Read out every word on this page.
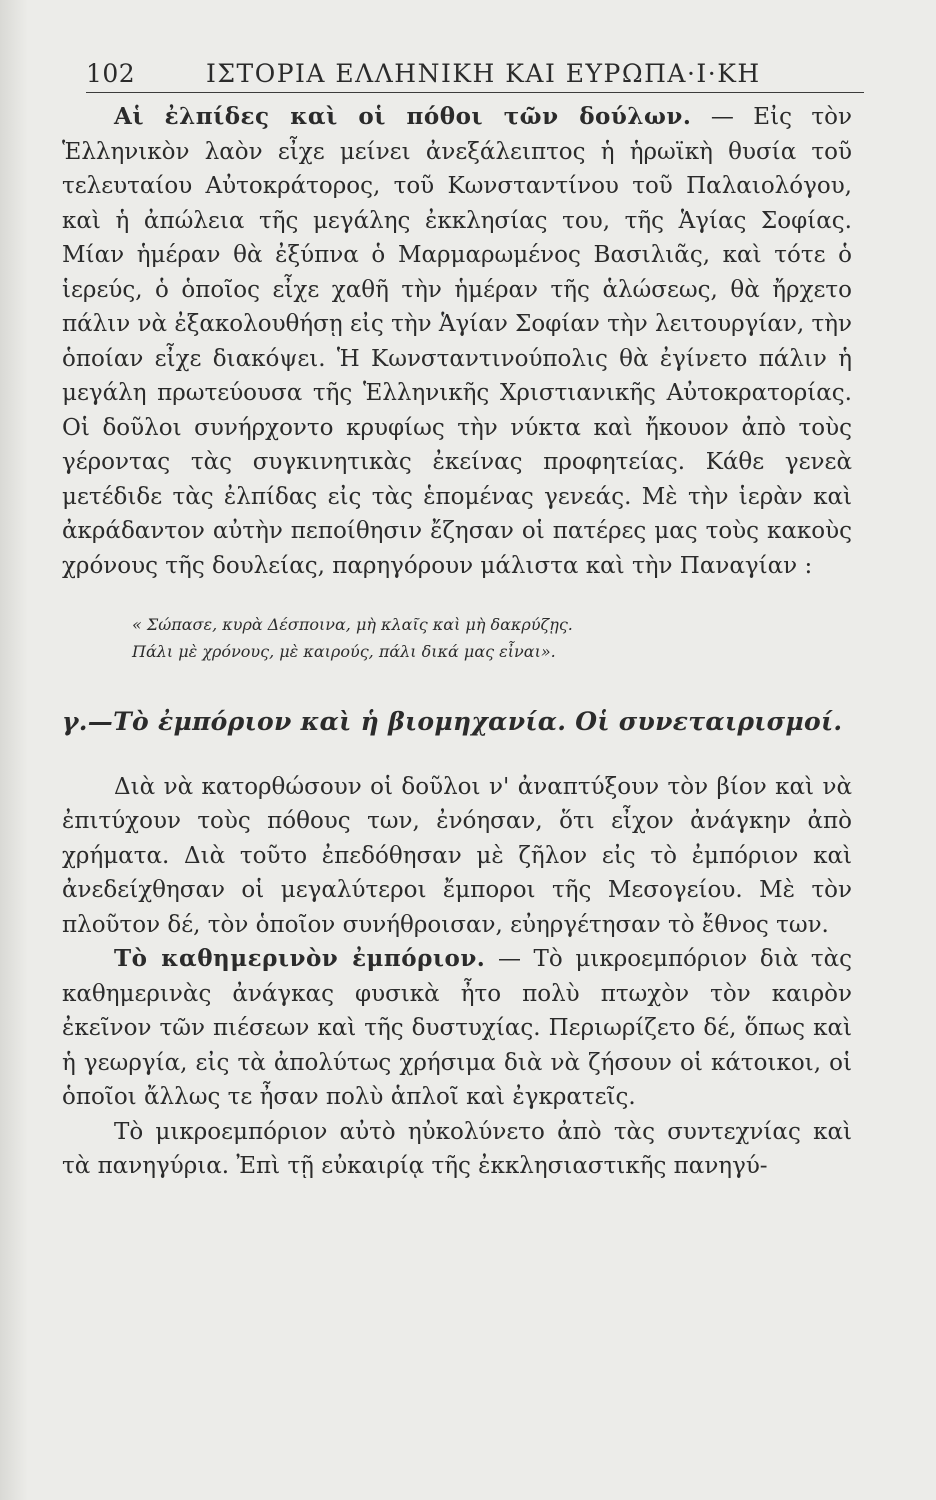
102	ΙΣΤΟΡΙΑ ΕΛΛΗΝΙΚΗ ΚΑΙ ΕΥΡΩΠΑ·Ι·ΚΗ

Αἱ ἐλπίδες καὶ οἱ πόθοι τῶν δούλων. — Εἰς τὸν Ἑλληνικὸν λαὸν εἶχε μείνει ἀνεξάλειπτος ἡ ἡρωϊκὴ θυσία τοῦ τελευταίου Αὐτοκράτορος, τοῦ Κωνσταντίνου τοῦ Παλαιολόγου, καὶ ἡ ἀπώλεια τῆς μεγάλης ἐκκλησίας του, τῆς Ἁγίας Σοφίας. Μίαν ἡμέραν θὰ ἐξύπνα ὁ Μαρμαρωμένος Βασιλιᾶς, καὶ τότε ὁ ἱερεύς, ὁ ὁποῖος εἶχε χαθῆ τὴν ἡμέραν τῆς ἁλώσεως, θὰ ἤρχετο πάλιν νὰ ἐξακολουθήσῃ εἰς τὴν Ἁγίαν Σοφίαν τὴν λειτουργίαν, τὴν ὁποίαν εἶχε διακόψει. Ἡ Κωνσταντινούπολις θὰ ἐγίνετο πάλιν ἡ μεγάλη πρωτεύουσα τῆς Ἑλληνικῆς Χριστιανικῆς Αὐτοκρατορίας. Οἱ δοῦλοι συνήρχοντο κρυφίως τὴν νύκτα καὶ ἤκουον ἀπὸ τοὺς γέροντας τὰς συγκινητικὰς ἐκείνας προφητείας. Κάθε γενεὰ μετέδιδε τὰς ἐλπίδας εἰς τὰς ἑπομένας γενεάς. Μὲ τὴν ἱερὰν καὶ ἀκράδαντον αὐτὴν πεποίθησιν ἔζησαν οἱ πατέρες μας τοὺς κακοὺς χρόνους τῆς δουλείας, παρηγόρουν μάλιστα καὶ τὴν Παναγίαν :

« Σώπασε, κυρὰ Δέσποινα, μὴ κλαῖς καὶ μὴ δακρύζῃς.
Πάλι μὲ χρόνους, μὲ καιρούς, πάλι δικά μας εἶναι».
γ.—Τὸ ἐμπόριον καὶ ἡ βιομηχανία. Οἱ συνεταιρισμοί.

Διὰ νὰ κατορθώσουν οἱ δοῦλοι ν' ἀναπτύξουν τὸν βίον καὶ νὰ ἐπιτύχουν τοὺς πόθους των, ἐνόησαν, ὅτι εἶχον ἀνάγκην ἀπὸ χρήματα. Διὰ τοῦτο ἐπεδόθησαν μὲ ζῆλον εἰς τὸ ἐμπόριον καὶ ἀνεδείχθησαν οἱ μεγαλύτεροι ἔμποροι τῆς Μεσογείου. Μὲ τὸν πλοῦτον δέ, τὸν ὁποῖον συνήθροισαν, εὐηργέτησαν τὸ ἔθνος των.

Τὸ καθημερινὸν ἐμπόριον. — Τὸ μικροεμπόριον διὰ τὰς καθημερινὰς ἀνάγκας φυσικὰ ἦτο πολὺ πτωχὸν τὸν καιρὸν ἐκεῖνον τῶν πιέσεων καὶ τῆς δυστυχίας. Περιωρίζετο δέ, ὅπως καὶ ἡ γεωργία, εἰς τὰ ἀπολύτως χρήσιμα διὰ νὰ ζήσουν οἱ κάτοικοι, οἱ ὁποῖοι ἄλλως τε ἦσαν πολὺ ἁπλοῖ καὶ ἐγκρατεῖς.

Τὸ μικροεμπόριον αὐτὸ ηὐκολύνετο ἀπὸ τὰς συντεχνίας καὶ τὰ πανηγύρια. Ἐπὶ τῇ εὐκαιρίᾳ τῆς ἐκκλησιαστικῆς πανηγύ-
